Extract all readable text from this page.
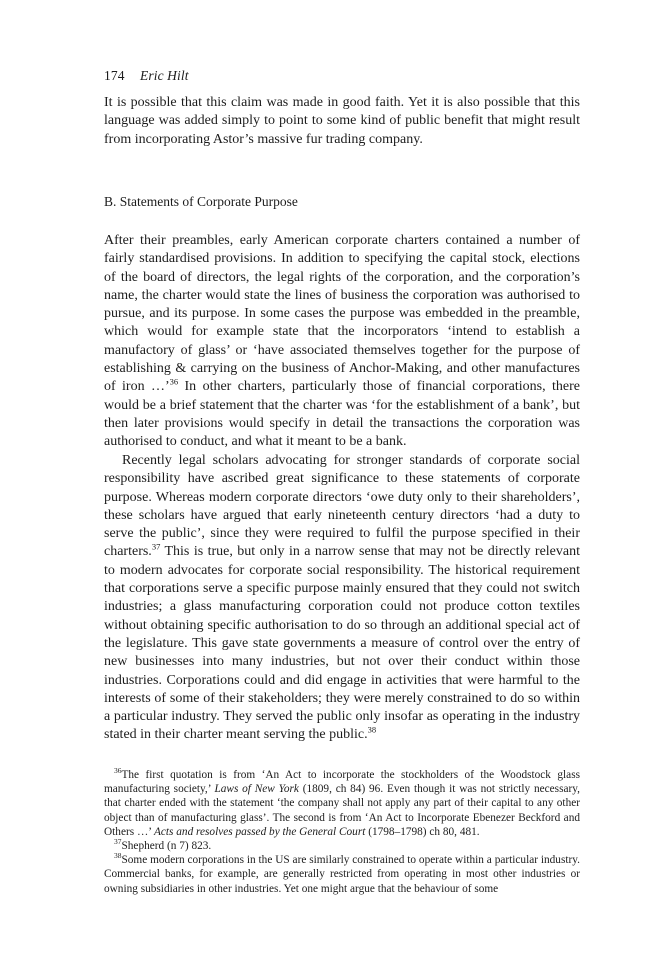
174 Eric Hilt

It is possible that this claim was made in good faith. Yet it is also possible that this language was added simply to point to some kind of public benefit that might result from incorporating Astor’s massive fur trading company.

B. Statements of Corporate Purpose

After their preambles, early American corporate charters contained a number of fairly standardised provisions. In addition to specifying the capital stock, elections of the board of directors, the legal rights of the corporation, and the corporation’s name, the charter would state the lines of business the corporation was authorised to pursue, and its purpose. In some cases the purpose was embedded in the preamble, which would for example state that the incorporators ‘intend to establish a manufactory of glass’ or ‘have associated themselves together for the purpose of establishing & carrying on the business of Anchor-Making, and other manufactures of iron …’$^{36}$ In other charters, particularly those of financial corporations, there would be a brief statement that the charter was ‘for the establishment of a bank’, but then later provisions would specify in detail the transactions the corporation was authorised to conduct, and what it meant to be a bank.

Recently legal scholars advocating for stronger standards of corporate social responsibility have ascribed great significance to these statements of corporate purpose. Whereas modern corporate directors ‘owe duty only to their shareholders’, these scholars have argued that early nineteenth century directors ‘had a duty to serve the public’, since they were required to fulfil the purpose specified in their charters.$^{37}$ This is true, but only in a narrow sense that may not be directly relevant to modern advocates for corporate social responsibility. The historical requirement that corporations serve a specific purpose mainly ensured that they could not switch industries; a glass manufacturing corporation could not produce cotton textiles without obtaining specific authorisation to do so through an additional special act of the legislature. This gave state governments a measure of control over the entry of new businesses into many industries, but not over their conduct within those industries. Corporations could and did engage in activities that were harmful to the interests of some of their stakeholders; they were merely constrained to do so within a particular industry. They served the public only insofar as operating in the industry stated in their charter meant serving the public.$^{38}$

$^{36}$The first quotation is from ‘An Act to incorporate the stockholders of the Woodstock glass manufacturing society,’ Laws of New York (1809, ch 84) 96. Even though it was not strictly necessary, that charter ended with the statement ‘the company shall not apply any part of their capital to any other object than of manufacturing glass’. The second is from ‘An Act to Incorporate Ebenezer Beckford and Others …’ Acts and resolves passed by the General Court (1798–1798) ch 80, 481.

$^{37}$Shepherd (n 7) 823.

$^{38}$Some modern corporations in the US are similarly constrained to operate within a particular industry. Commercial banks, for example, are generally restricted from operating in most other industries or owning subsidiaries in other industries. Yet one might argue that the behaviour of some
